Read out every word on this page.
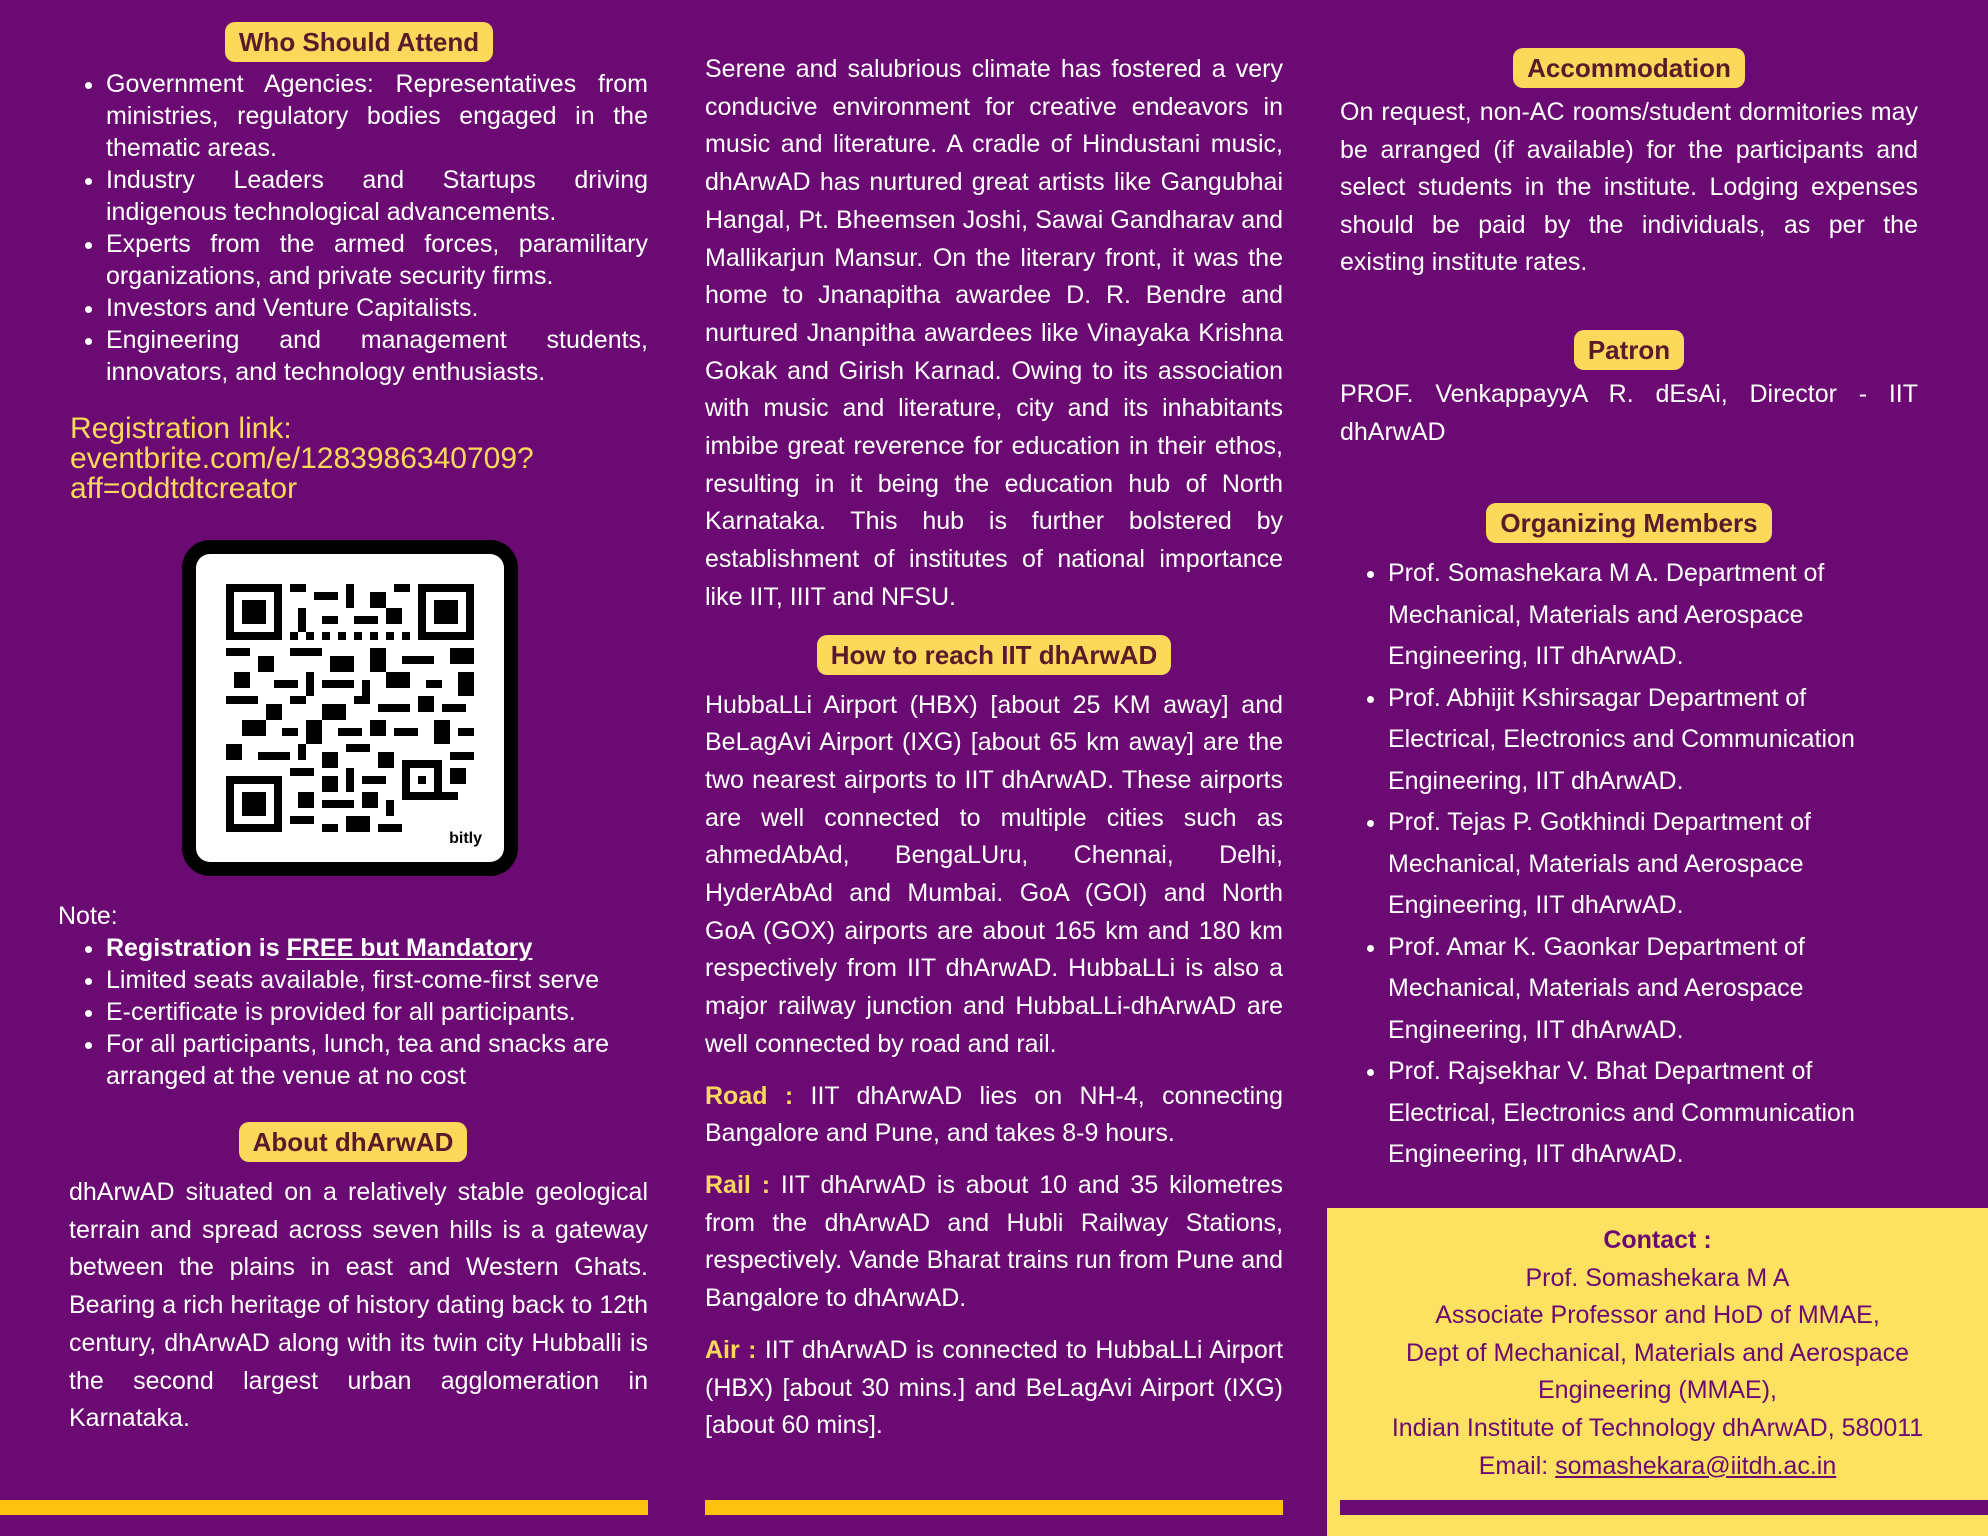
Who Should Attend
• Government Agencies: Representatives from ministries, regulatory bodies engaged in the thematic areas.
• Industry Leaders and Startups driving indigenous technological advancements.
• Experts from the armed forces, paramilitary organizations, and private security firms.
• Investors and Venture Capitalists.
• Engineering and management students, innovators, and technology enthusiasts.
Registration link:
eventbrite.com/e/1283986340709?
aff=oddtdtcreator
bitly
Note:
• Registration is FREE but Mandatory
• Limited seats available, first-come-first serve
• E-certificate is provided for all participants.
• For all participants, lunch, tea and snacks are arranged at the venue at no cost
About dhArwAD

dhArwAD situated on a relatively stable geological terrain and spread across seven hills is a gateway between the plains in east and Western Ghats. Bearing a rich heritage of history dating back to 12th century, dhArwAD along with its twin city Hubballi is the second largest urban agglomeration in Karnataka.

Serene and salubrious climate has fostered a very conducive environment for creative endeavors in music and literature. A cradle of Hindustani music, dhArwAD has nurtured great artists like Gangubhai Hangal, Pt. Bheemsen Joshi, Sawai Gandharav and Mallikarjun Mansur. On the literary front, it was the home to Jnanapitha awardee D. R. Bendre and nurtured Jnanpitha awardees like Vinayaka Krishna Gokak and Girish Karnad. Owing to its association with music and literature, city and its inhabitants imbibe great reverence for education in their ethos, resulting in it being the education hub of North Karnataka. This hub is further bolstered by establishment of institutes of national importance like IIT, IIIT and NFSU.

How to reach IIT dhArwAD

HubbaLLi Airport (HBX) [about 25 KM away] and BeLagAvi Airport (IXG) [about 65 km away] are the two nearest airports to IIT dhArwAD. These airports are well connected to multiple cities such as ahmedAbAd, BengaLUru, Chennai, Delhi, HyderAbAd and Mumbai. GoA (GOI) and North GoA (GOX) airports are about 165 km and 180 km respectively from IIT dhArwAD. HubbaLLi is also a major railway junction and HubbaLLi-dhArwAD are well connected by road and rail.

Road : IIT dhArwAD lies on NH-4, connecting Bangalore and Pune, and takes 8-9 hours.

Rail : IIT dhArwAD is about 10 and 35 kilometres from the dhArwAD and Hubli Railway Stations, respectively. Vande Bharat trains run from Pune and Bangalore to dhArwAD.

Air : IIT dhArwAD is connected to HubbaLLi Airport (HBX) [about 30 mins.] and BeLagAvi Airport (IXG) [about 60 mins].

Accommodation

On request, non-AC rooms/student dormitories may be arranged (if available) for the participants and select students in the institute. Lodging expenses should be paid by the individuals, as per the existing institute rates.

Patron

PROF. VenkappayyA R. dEsAi, Director - IIT dhArwAD

Organizing Members
• Prof. Somashekara M A. Department of Mechanical, Materials and Aerospace Engineering, IIT dhArwAD.
• Prof. Abhijit Kshirsagar Department of Electrical, Electronics and Communication Engineering, IIT dhArwAD.
• Prof. Tejas P. Gotkhindi Department of Mechanical, Materials and Aerospace Engineering, IIT dhArwAD.
• Prof. Amar K. Gaonkar Department of Mechanical, Materials and Aerospace Engineering, IIT dhArwAD.
• Prof. Rajsekhar V. Bhat Department of Electrical, Electronics and Communication Engineering, IIT dhArwAD.
Contact :
Prof. Somashekara M A
Associate Professor and HoD of MMAE,
Dept of Mechanical, Materials and Aerospace Engineering (MMAE),
Indian Institute of Technology dhArwAD, 580011
Email: somashekara@iitdh.ac.in
